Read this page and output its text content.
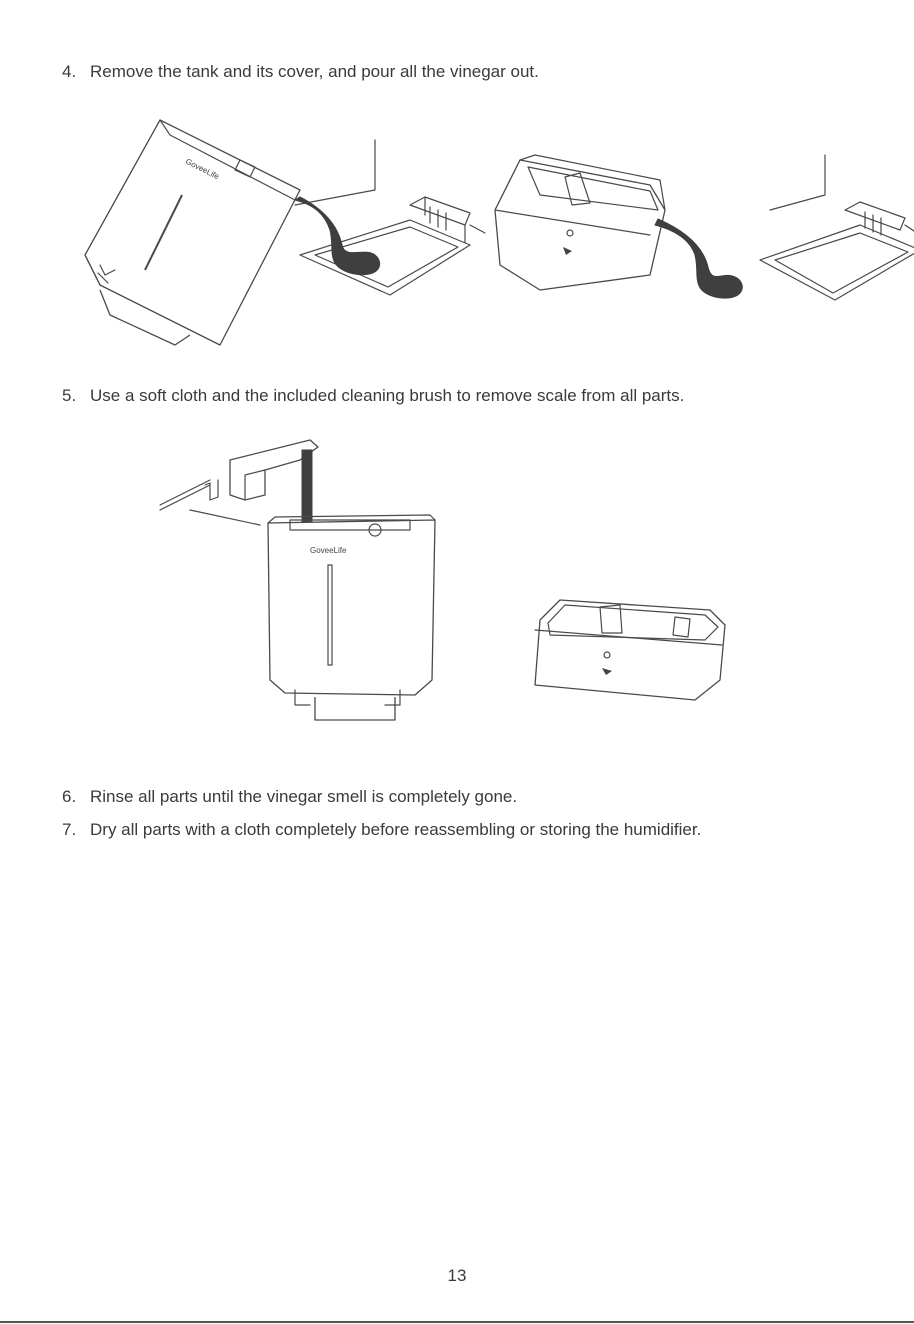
4. Remove the tank and its cover, and pour all the vinegar out.
GoveeLife
5. Use a soft cloth and the included cleaning brush to remove scale from all parts.
GoveeLife
6. Rinse all parts until the vinegar smell is completely gone.
7. Dry all parts with a cloth completely before reassembling or storing the humidifier.
13
